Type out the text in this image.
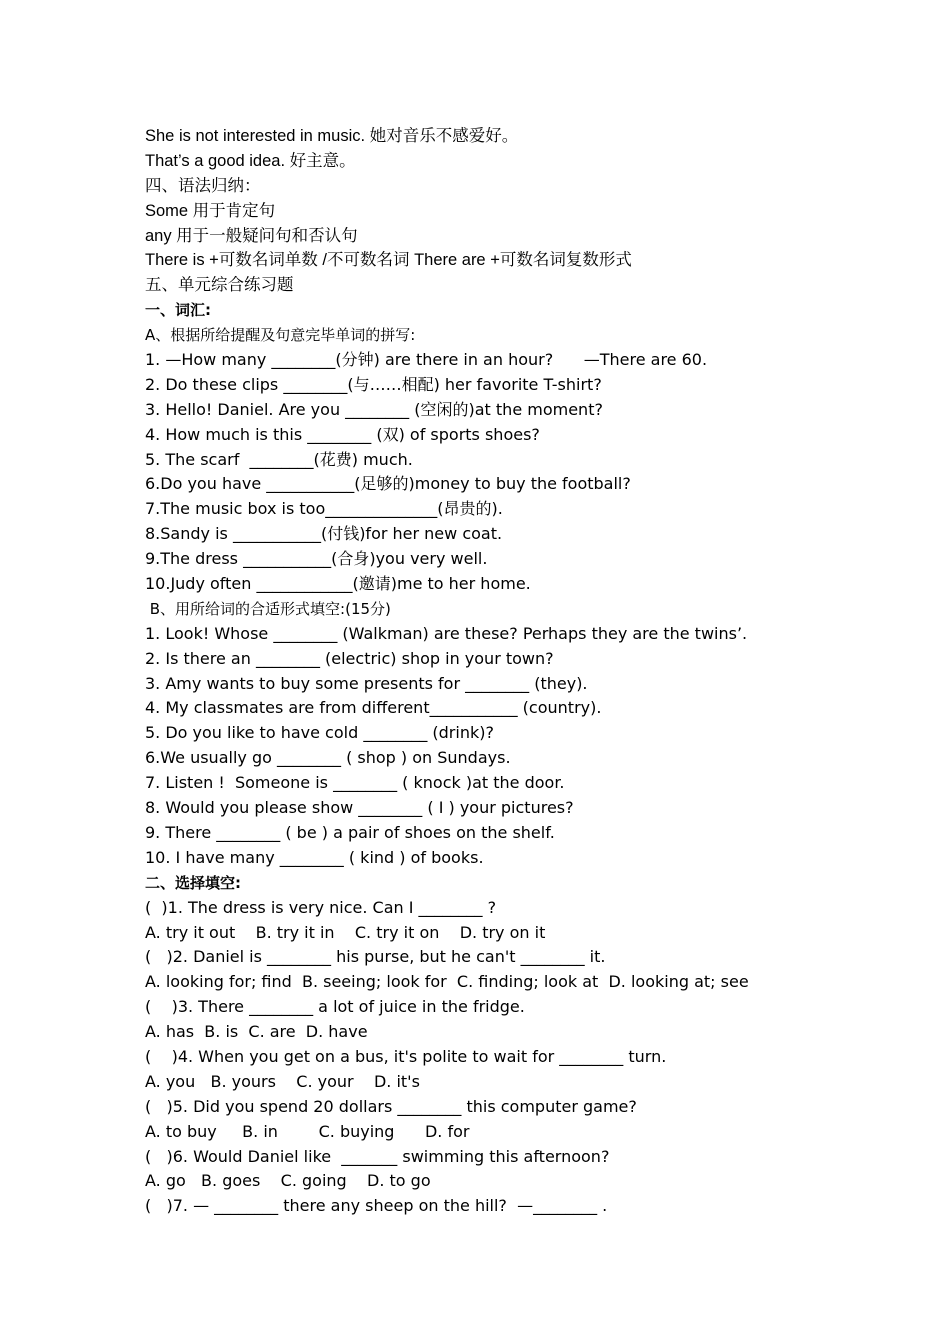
She is not interested in music. 她对音乐不感爱好。
That’s a good idea. 好主意。
四、语法归纳：
Some 用于肯定句
any 用于一般疑问句和否认句
There is +可数名词单数 /不可数名词 There are +可数名词复数形式
五、单元综合练习题
一、词汇:
A、根据所给提醒及句意完毕单词的拼写:
1. —How many ________(分钟) are there in an hour?      —There are 60.
2. Do these clips ________(与……相配) her favorite T-shirt?
3. Hello! Daniel. Are you ________ (空闲的)at the moment?
4. How much is this ________ (双) of sports shoes?
5. The scarf  ________(花费) much.
6.Do you have ___________(足够的)money to buy the football?
7.The music box is too______________(昂贵的).
8.Sandy is ___________(付钱)for her new coat.
9.The dress ___________(合身)you very well.
10.Judy often ____________(邀请)me to her home.
B、用所给词的合适形式填空:(15分)
1. Look! Whose ________ (Walkman) are these? Perhaps they are the twins’.
2. Is there an ________ (electric) shop in your town?
3. Amy wants to buy some presents for ________ (they).
4. My classmates are from different___________ (country).
5. Do you like to have cold ________ (drink)?
6.We usually go ________ ( shop ) on Sundays.
7. Listen !  Someone is ________ ( knock )at the door.
8. Would you please show ________ ( I ) your pictures?
9. There ________ ( be ) a pair of shoes on the shelf.
10. I have many ________ ( kind ) of books.
二、选择填空:
(  )1. The dress is very nice. Can I ________ ?
A. try it out    B. try it in    C. try it on    D. try on it
(   )2. Daniel is ________ his purse, but he can't ________ it.
A. looking for; find  B. seeing; look for  C. finding; look at  D. looking at; see
(    )3. There ________ a lot of juice in the fridge.
A. has  B. is  C. are  D. have
(    )4. When you get on a bus, it's polite to wait for ________ turn.
A. you   B. yours    C. your    D. it's
(   )5. Did you spend 20 dollars ________ this computer game?
A. to buy     B. in        C. buying      D. for
(   )6. Would Daniel like  _______ swimming this afternoon?
A. go   B. goes    C. going    D. to go
(   )7. — ________ there any sheep on the hill?  —________ .
